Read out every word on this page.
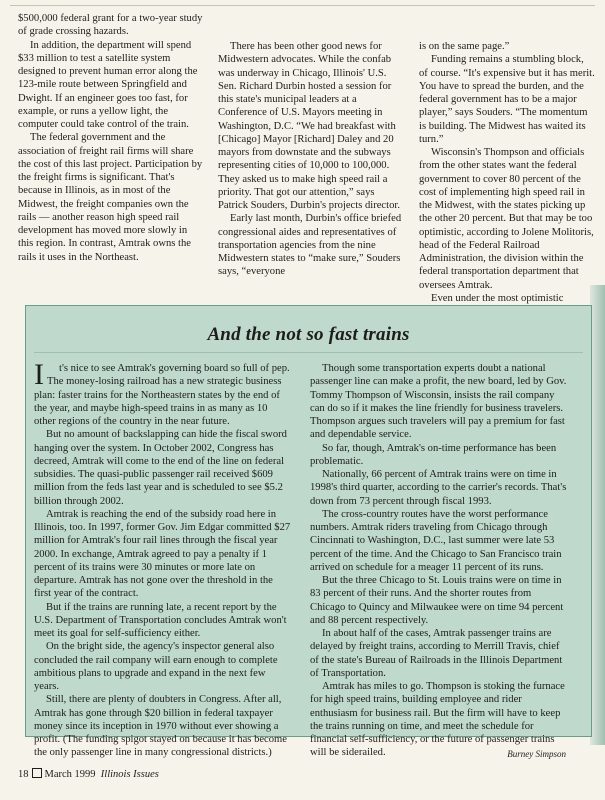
$500,000 federal grant for a two-year study of grade crossing hazards.

In addition, the department will spend $33 million to test a satellite system designed to prevent human error along the 123-mile route between Springfield and Dwight. If an engineer goes too fast, for example, or runs a yellow light, the computer could take control of the train.

The federal government and the association of freight rail firms will share the cost of this last project. Participation by the freight firms is significant. That's because in Illinois, as in most of the Midwest, the freight companies own the rails — another reason high speed rail development has moved more slowly in this region. In contrast, Amtrak owns the rails it uses in the Northeast.

There has been other good news for Midwestern advocates. While the confab was underway in Chicago, Illinois' U.S. Sen. Richard Durbin hosted a session for this state's municipal leaders at a Conference of U.S. Mayors meeting in Washington, D.C. “We had breakfast with [Chicago] Mayor [Richard] Daley and 20 mayors from downstate and the subways representing cities of 10,000 to 100,000. They asked us to make high speed rail a priority. That got our attention,” says Patrick Souders, Durbin's projects director.

Early last month, Durbin's office briefed congressional aides and representatives of transportation agencies from the nine Midwestern states to “make sure,” Souders says, “everyone

is on the same page.”

Funding remains a stumbling block, of course. “It's expensive but it has merit. You have to spread the burden, and the federal government has to be a major player,” says Souders. “The momentum is building. The Midwest has waited its turn.”

Wisconsin's Thompson and officials from the other states want the federal government to cover 80 percent of the cost of implementing high speed rail in the Midwest, with the states picking up the other 20 percent. But that may be too optimistic, according to Jolene Molitoris, head of the Federal Railroad Administration, the division within the federal transportation department that oversees Amtrak.

Even under the most optimistic

And the not so fast trains

I t's nice to see Amtrak's governing board so full of pep. The money-losing railroad has a new strategic business plan: faster trains for the Northeastern states by the end of the year, and maybe high-speed trains in as many as 10 other regions of the country in the near future.

But no amount of backslapping can hide the fiscal sword hanging over the system. In October 2002, Congress has decreed, Amtrak will come to the end of the line on federal subsidies. The quasi-public passenger rail received $609 million from the feds last year and is scheduled to see $5.2 billion through 2002.

Amtrak is reaching the end of the subsidy road here in Illinois, too. In 1997, former Gov. Jim Edgar committed $27 million for Amtrak's four rail lines through the fiscal year 2000. In exchange, Amtrak agreed to pay a penalty if 1 percent of its trains were 30 minutes or more late on departure. Amtrak has not gone over the threshold in the first year of the contract.

But if the trains are running late, a recent report by the U.S. Department of Transportation concludes Amtrak won't meet its goal for self-sufficiency either.

On the bright side, the agency's inspector general also concluded the rail company will earn enough to complete ambitious plans to upgrade and expand in the next few years.

Still, there are plenty of doubters in Congress. After all, Amtrak has gone through $20 billion in federal taxpayer money since its inception in 1970 without ever showing a profit. (The funding spigot stayed on because it has become the only passenger line in many congressional districts.)

Though some transportation experts doubt a national passenger line can make a profit, the new board, led by Gov. Tommy Thompson of Wisconsin, insists the rail company can do so if it makes the line friendly for business travelers. Thompson argues such travelers will pay a premium for fast and dependable service.

So far, though, Amtrak's on-time performance has been problematic.

Nationally, 66 percent of Amtrak trains were on time in 1998's third quarter, according to the carrier's records. That's down from 73 percent through fiscal 1993.

The cross-country routes have the worst performance numbers. Amtrak riders traveling from Chicago through Cincinnati to Washington, D.C., last summer were late 53 percent of the time. And the Chicago to San Francisco train arrived on schedule for a meager 11 percent of its runs.

But the three Chicago to St. Louis trains were on time in 83 percent of their runs. And the shorter routes from Chicago to Quincy and Milwaukee were on time 94 percent and 88 percent respectively.

In about half of the cases, Amtrak passenger trains are delayed by freight trains, according to Merrill Travis, chief of the state's Bureau of Railroads in the Illinois Department of Transportation.

Amtrak has miles to go. Thompson is stoking the furnace for high speed trains, building employee and rider enthusiasm for business rail. But the firm will have to keep the trains running on time, and meet the schedule for financial self-sufficiency, or the future of passenger trains will be siderailed.	Burney Simpson
18 March 1999 Illinois Issues
